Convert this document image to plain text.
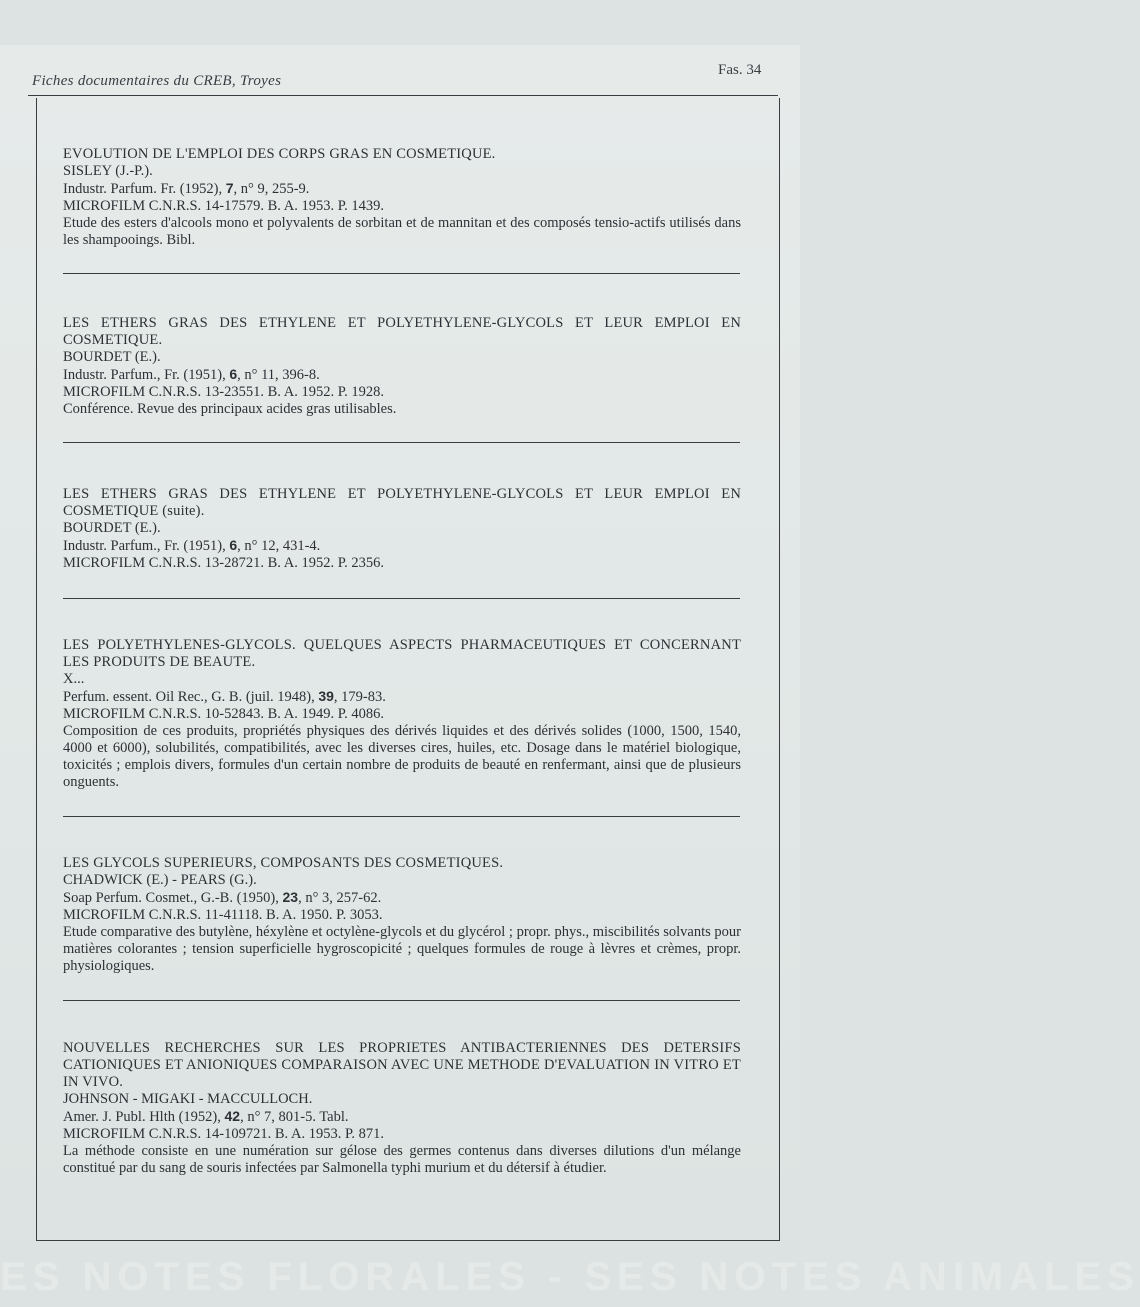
Fiches documentaires du CREB, Troyes
Fas. 34

EVOLUTION DE L'EMPLOI DES CORPS GRAS EN COSMETIQUE.

SISLEY (J.-P.).

Industr. Parfum. Fr. (1952), 7, n° 9, 255-9.

MICROFILM C.N.R.S. 14-17579. B. A. 1953. P. 1439.

Etude des esters d'alcools mono et polyvalents de sorbitan et de mannitan et des composés tensio-actifs utilisés dans les shampooings. Bibl.

LES ETHERS GRAS DES ETHYLENE ET POLYETHYLENE-GLYCOLS ET LEUR EMPLOI EN COSMETIQUE.

BOURDET (E.).

Industr. Parfum., Fr. (1951), 6, n° 11, 396-8.

MICROFILM C.N.R.S. 13-23551. B. A. 1952. P. 1928.

Conférence. Revue des principaux acides gras utilisables.

LES ETHERS GRAS DES ETHYLENE ET POLYETHYLENE-GLYCOLS ET LEUR EMPLOI EN COSMETIQUE (suite).

BOURDET (E.).

Industr. Parfum., Fr. (1951), 6, n° 12, 431-4.

MICROFILM C.N.R.S. 13-28721. B. A. 1952. P. 2356.

LES POLYETHYLENES-GLYCOLS. QUELQUES ASPECTS PHARMACEUTIQUES ET CONCERNANT LES PRODUITS DE BEAUTE.

X...

Perfum. essent. Oil Rec., G. B. (juil. 1948), 39, 179-83.

MICROFILM C.N.R.S. 10-52843. B. A. 1949. P. 4086.

Composition de ces produits, propriétés physiques des dérivés liquides et des dérivés solides (1000, 1500, 1540, 4000 et 6000), solubilités, compatibilités, avec les diverses cires, huiles, etc. Dosage dans le matériel biologique, toxicités ; emplois divers, formules d'un certain nombre de produits de beauté en renfermant, ainsi que de plusieurs onguents.

LES GLYCOLS SUPERIEURS, COMPOSANTS DES COSMETIQUES.

CHADWICK (E.) - PEARS (G.).

Soap Perfum. Cosmet., G.-B. (1950), 23, n° 3, 257-62.

MICROFILM C.N.R.S. 11-41118. B. A. 1950. P. 3053.

Etude comparative des butylène, héxylène et octylène-glycols et du glycérol ; propr. phys., miscibilités solvants pour matières colorantes ; tension superficielle hygroscopicité ; quelques formules de rouge à lèvres et crèmes, propr. physiologiques.

NOUVELLES RECHERCHES SUR LES PROPRIETES ANTIBACTERIENNES DES DETERSIFS CATIONIQUES ET ANIONIQUES COMPARAISON AVEC UNE METHODE D'EVALUATION IN VITRO ET IN VIVO.

JOHNSON - MIGAKI - MACCULLOCH.

Amer. J. Publ. Hlth (1952), 42, n° 7, 801-5. Tabl.

MICROFILM C.N.R.S. 14-109721. B. A. 1953. P. 871.

La méthode consiste en une numération sur gélose des germes contenus dans diverses dilutions d'un mélange constitué par du sang de souris infectées par Salmonella typhi murium et du détersif à étudier.

ES NOTES FLORALES - SES NOTES ANIMALES
